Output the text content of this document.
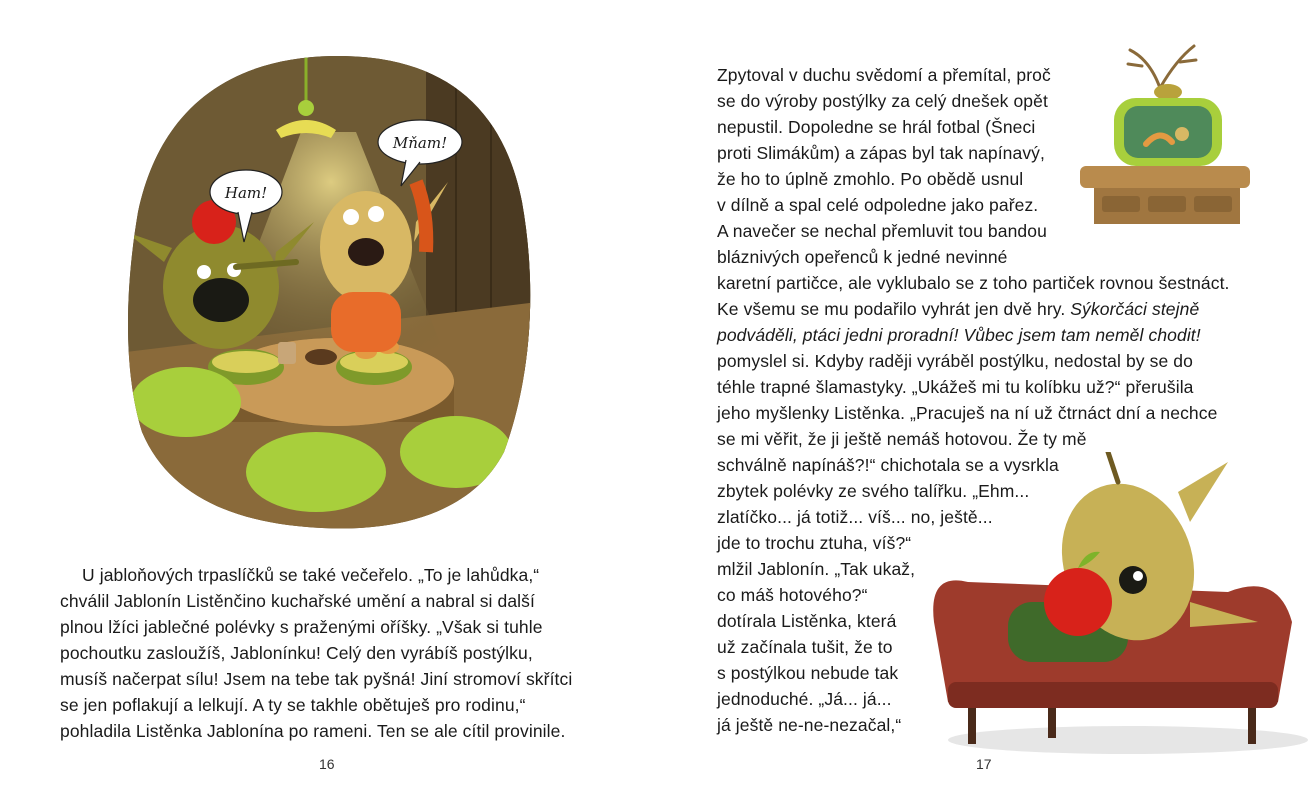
Ham!
Mňam!
U jabloňových trpaslíčků se také večeřelo. „To je lahůdka,“
chválil Jablonín Listěnčino kuchařské umění a nabral si další
plnou lžíci jablečné polévky s praženými oříšky. „Však si tuhle
pochoutku zasloužíš, Jablonínku! Celý den vyrábíš postýlku,
musíš načerpat sílu! Jsem na tebe tak pyšná! Jiní stromoví skřítci
se jen poflakují a lelkují. A ty se takhle obětuješ pro rodinu,“
pohladila Listěnka Jablonína po rameni. Ten se ale cítil provinile.
16
Zpytoval v duchu svědomí a přemítal, proč
se do výroby postýlky za celý dnešek opět
nepustil. Dopoledne se hrál fotbal (Šneci
proti Slimákům) a zápas byl tak napínavý,
že ho to úplně zmohlo. Po obědě usnul
v dílně a spal celé odpoledne jako pařez.
A navečer se nechal přemluvit tou bandou
bláznivých opeřenců k jedné nevinné
karetní partičce, ale vyklubalo se z toho partiček rovnou šestnáct.
Ke všemu se mu podařilo vyhrát jen dvě hry. Sýkorčáci stejně
podváděli, ptáci jedni proradní! Vůbec jsem tam neměl chodit!
pomyslel si. Kdyby raději vyráběl postýlku, nedostal by se do
téhle trapné šlamastyky. „Ukážeš mi tu kolíbku už?“ přerušila
jeho myšlenky Listěnka. „Pracuješ na ní už čtrnáct dní a nechce
se mi věřit, že ji ještě nemáš hotovou. Že ty mě
schválně napínáš?!“ chichotala se a vysrkla
zbytek polévky ze svého talířku. „Ehm...
zlatíčko... já totiž... víš... no, ještě...
jde to trochu ztuha, víš?“
mlžil Jablonín. „Tak ukaž,
co máš hotového?“
dotírala Listěnka, která
už začínala tušit, že to
s postýlkou nebude tak
jednoduché. „Já... já...
já ještě ne-ne-nezačal,“
17
